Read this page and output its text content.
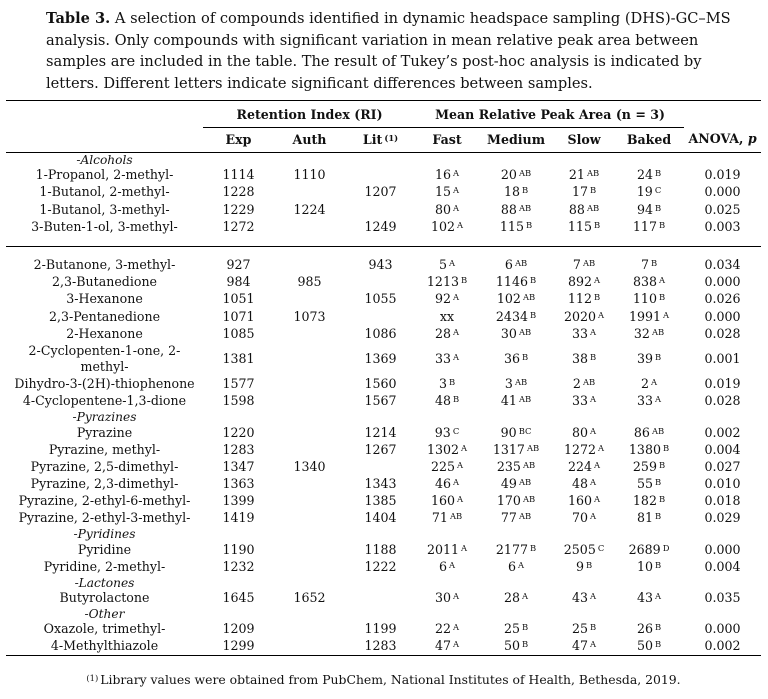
Table 3. A selection of compounds identified in dynamic headspace sampling (DHS)-GC–MS analysis. Only compounds with significant variation in mean relative peak area between samples are included in the table. The result of Tukey’s post-hoc analysis is indicated by letters. Different letters indicate significant differences between samples.

	Retention Index (RI)			Mean Relative Peak Area (n = 3)				
	Exp	Auth	Lit $^{(1)}$	Fast	Medium	Slow	Baked	ANOVA, p
-Alcohols								
1-Propanol, 2-methyl-	1114	1110		16 $^A$	20 $^{AB}$	21 $^{AB}$	24 $^B$	0.019
1-Butanol, 2-methyl-	1228		1207	15 $^A$	18 $^B$	17 $^B$	19 $^C$	0.000
1-Butanol, 3-methyl-	1229	1224		80 $^A$	88 $^{AB}$	88 $^{AB}$	94 $^B$	0.025
3-Buten-1-ol, 3-methyl-	1272		1249	102 $^A$	115 $^B$	115 $^B$	117 $^B$	0.003

2-Butanone, 3-methyl-	927		943	5 $^A$	6 $^{AB}$	7 $^{AB}$	7 $^B$	0.034
2,3-Butanedione	984	985		1213 $^B$	1146 $^B$	892 $^A$	838 $^A$	0.000
3-Hexanone	1051		1055	92 $^A$	102 $^{AB}$	112 $^B$	110 $^B$	0.026
2,3-Pentanedione	1071	1073		xx	2434 $^B$	2020 $^A$	1991 $^A$	0.000
2-Hexanone	1085		1086	28 $^A$	30 $^{AB}$	33 $^A$	32 $^{AB}$	0.028
2-Cyclopenten-1-one, 2-methyl-	1381		1369	33 $^A$	36 $^B$	38 $^B$	39 $^B$	0.001
Dihydro-3-(2H)-thiophenone	1577		1560	3 $^B$	3 $^{AB}$	2 $^{AB}$	2 $^A$	0.019
4-Cyclopentene-1,3-dione	1598		1567	48 $^B$	41 $^{AB}$	33 $^A$	33 $^A$	0.028
-Pyrazines								
Pyrazine	1220		1214	93 $^C$	90 $^{BC}$	80 $^A$	86 $^{AB}$	0.002
Pyrazine, methyl-	1283		1267	1302 $^A$	1317 $^{AB}$	1272 $^A$	1380 $^B$	0.004
Pyrazine, 2,5-dimethyl-	1347	1340		225 $^A$	235 $^{AB}$	224 $^A$	259 $^B$	0.027
Pyrazine, 2,3-dimethyl-	1363		1343	46 $^A$	49 $^{AB}$	48 $^A$	55 $^B$	0.010
Pyrazine, 2-ethyl-6-methyl-	1399		1385	160 $^A$	170 $^{AB}$	160 $^A$	182 $^B$	0.018
Pyrazine, 2-ethyl-3-methyl-	1419		1404	71 $^{AB}$	77 $^{AB}$	70 $^A$	81 $^B$	0.029
-Pyridines								
Pyridine	1190		1188	2011 $^A$	2177 $^B$	2505 $^C$	2689 $^D$	0.000
Pyridine, 2-methyl-	1232		1222	6 $^A$	6 $^A$	9 $^B$	10 $^B$	0.004
-Lactones								
Butyrolactone	1645	1652		30 $^A$	28 $^A$	43 $^A$	43 $^A$	0.035
-Other								
Oxazole, trimethyl-	1209		1199	22 $^A$	25 $^B$	25 $^B$	26 $^B$	0.000
4-Methylthiazole	1299		1283	47 $^A$	50 $^B$	47 $^A$	50 $^B$	0.002

$^{(1)}$ Library values were obtained from PubChem, National Institutes of Health, Bethesda, 2019.
